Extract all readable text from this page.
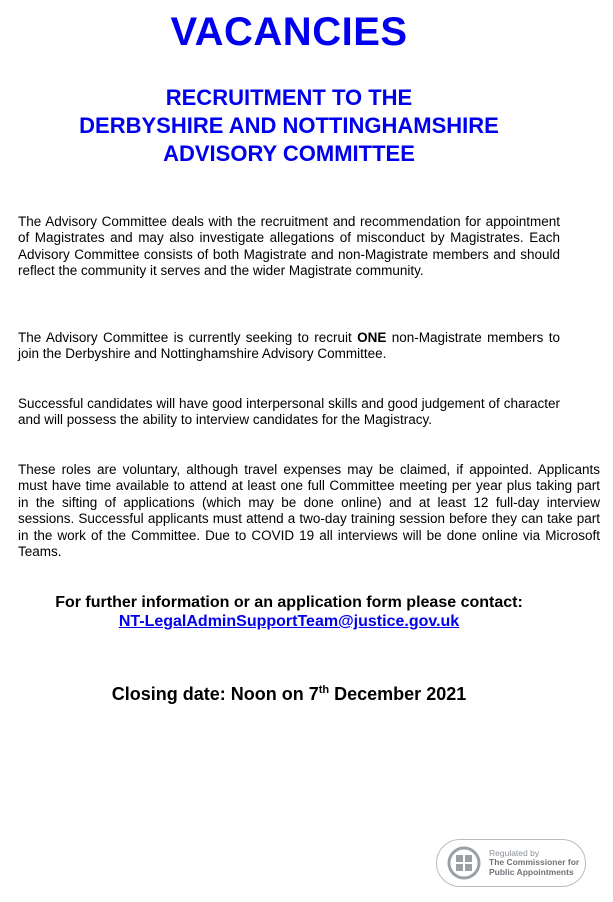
VACANCIES
RECRUITMENT TO THE
DERBYSHIRE AND NOTTINGHAMSHIRE
ADVISORY COMMITTEE

The Advisory Committee deals with the recruitment and recommendation for appointment of Magistrates and may also investigate allegations of misconduct by Magistrates. Each Advisory Committee consists of both Magistrate and non-Magistrate members and should reflect the community it serves and the wider Magistrate community.

The Advisory Committee is currently seeking to recruit ONE non-Magistrate members to join the Derbyshire and Nottinghamshire Advisory Committee.

Successful candidates will have good interpersonal skills and good judgement of character and will possess the ability to interview candidates for the Magistracy.

These roles are voluntary, although travel expenses may be claimed, if appointed. Applicants must have time available to attend at least one full Committee meeting per year plus taking part in the sifting of applications (which may be done online) and at least 12 full-day interview sessions. Successful applicants must attend a two-day training session before they can take part in the work of the Committee. Due to COVID 19 all interviews will be done online via Microsoft Teams.

For further information or an application form please contact:
NT-LegalAdminSupportTeam@justice.gov.uk
Closing date: Noon on 7th December 2021
Regulated by
The Commissioner for
Public Appointments
